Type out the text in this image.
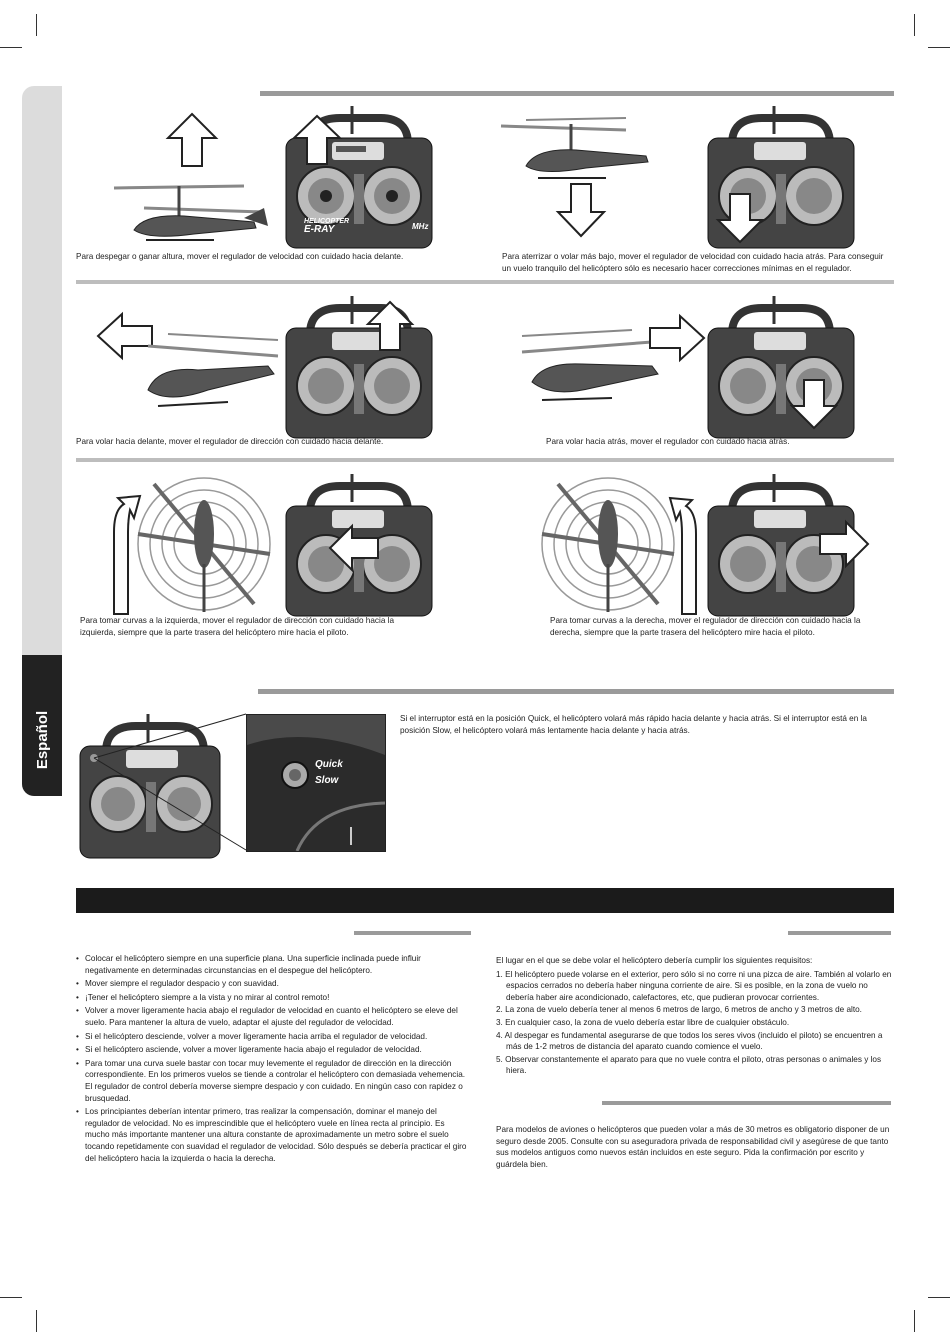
Español
HELICOPTER
E-RAY	MHz
Para despegar o ganar altura, mover el regulador de velocidad con cuidado hacia delante.	Para aterrizar o volar más bajo, mover el regulador de velocidad con cuidado hacia atrás. Para conseguir un vuelo tranquilo del helicóptero sólo es necesario hacer correcciones mínimas en el regulador.
Para volar hacia delante, mover el regulador de dirección con cuidado hacia delante.	Para volar hacia atrás, mover el regulador con cuidado hacia atrás.
Para tomar curvas a la izquierda, mover el regulador de dirección con cuidado hacia la izquierda, siempre que la parte trasera del helicóptero mire hacia el piloto.
Para tomar curvas a la derecha, mover el regulador de dirección con cuidado hacia la derecha, siempre que la parte trasera del helicóptero mire hacia el piloto.
Quick
Slow
Si el interruptor está en la posición Quick, el helicóptero volará más rápido hacia delante y hacia atrás. Si el interruptor está en la posición Slow, el helicóptero volará más lentamente hacia delante y hacia atrás.
• Colocar el helicóptero siempre en una superficie plana. Una superficie inclinada puede influir negativamente en determinadas circunstancias en el despegue del helicóptero.
• Mover siempre el regulador despacio y con suavidad.
• ¡Tener el helicóptero siempre a la vista y no mirar al control remoto!
• Volver a mover ligeramente hacia abajo el regulador de velocidad en cuanto el helicóptero se eleve del suelo. Para mantener la altura de vuelo, adaptar el ajuste del regulador de velocidad.
• Si el helicóptero desciende, volver a mover ligeramente hacia arriba el regulador de velocidad.
• Si el helicóptero asciende, volver a mover ligeramente hacia abajo el regulador de velocidad.
• Para tomar una curva suele bastar con tocar muy levemente el regulador de dirección en la dirección correspondiente. En los primeros vuelos se tiende a controlar el helicóptero con demasiada vehemencia. El regulador de control debería moverse siempre despacio y con cuidado. En ningún caso con rapidez o brusquedad.
• Los principiantes deberían intentar primero, tras realizar la compensación, dominar el manejo del regulador de velocidad. No es imprescindible que el helicóptero vuele en línea recta al principio. Es mucho más importante mantener una altura constante de aproximadamente un metro sobre el suelo tocando repetidamente con suavidad el regulador de velocidad. Sólo después se debería practicar el giro del helicóptero hacia la izquierda o hacia la derecha.
El lugar en el que se debe volar el helicóptero debería cumplir los siguientes requisitos:
1. El helicóptero puede volarse en el exterior, pero sólo si no corre ni una pizca de aire. También al volarlo en espacios cerrados no debería haber ninguna corriente de aire. Si es posible, en la zona de vuelo no debería haber aire acondicionado, calefactores, etc, que pudieran provocar corrientes.
2. La zona de vuelo debería tener al menos 6 metros de largo, 6 metros de ancho y 3 metros de alto.
3. En cualquier caso, la zona de vuelo debería estar libre de cualquier obstáculo.
4. Al despegar es fundamental asegurarse de que todos los seres vivos (incluido el piloto) se encuentren a más de 1-2 metros de distancia del aparato cuando comience el vuelo.
5. Observar constantemente el aparato para que no vuele contra el piloto, otras personas o animales y los hiera.
Para modelos de aviones o helicópteros que pueden volar a más de 30 metros es obligatorio disponer de un seguro desde 2005. Consulte con su aseguradora privada de responsabilidad civil y asegúrese de que tanto sus modelos antiguos como nuevos están incluidos en este seguro. Pida la confirmación por escrito y guárdela bien.
